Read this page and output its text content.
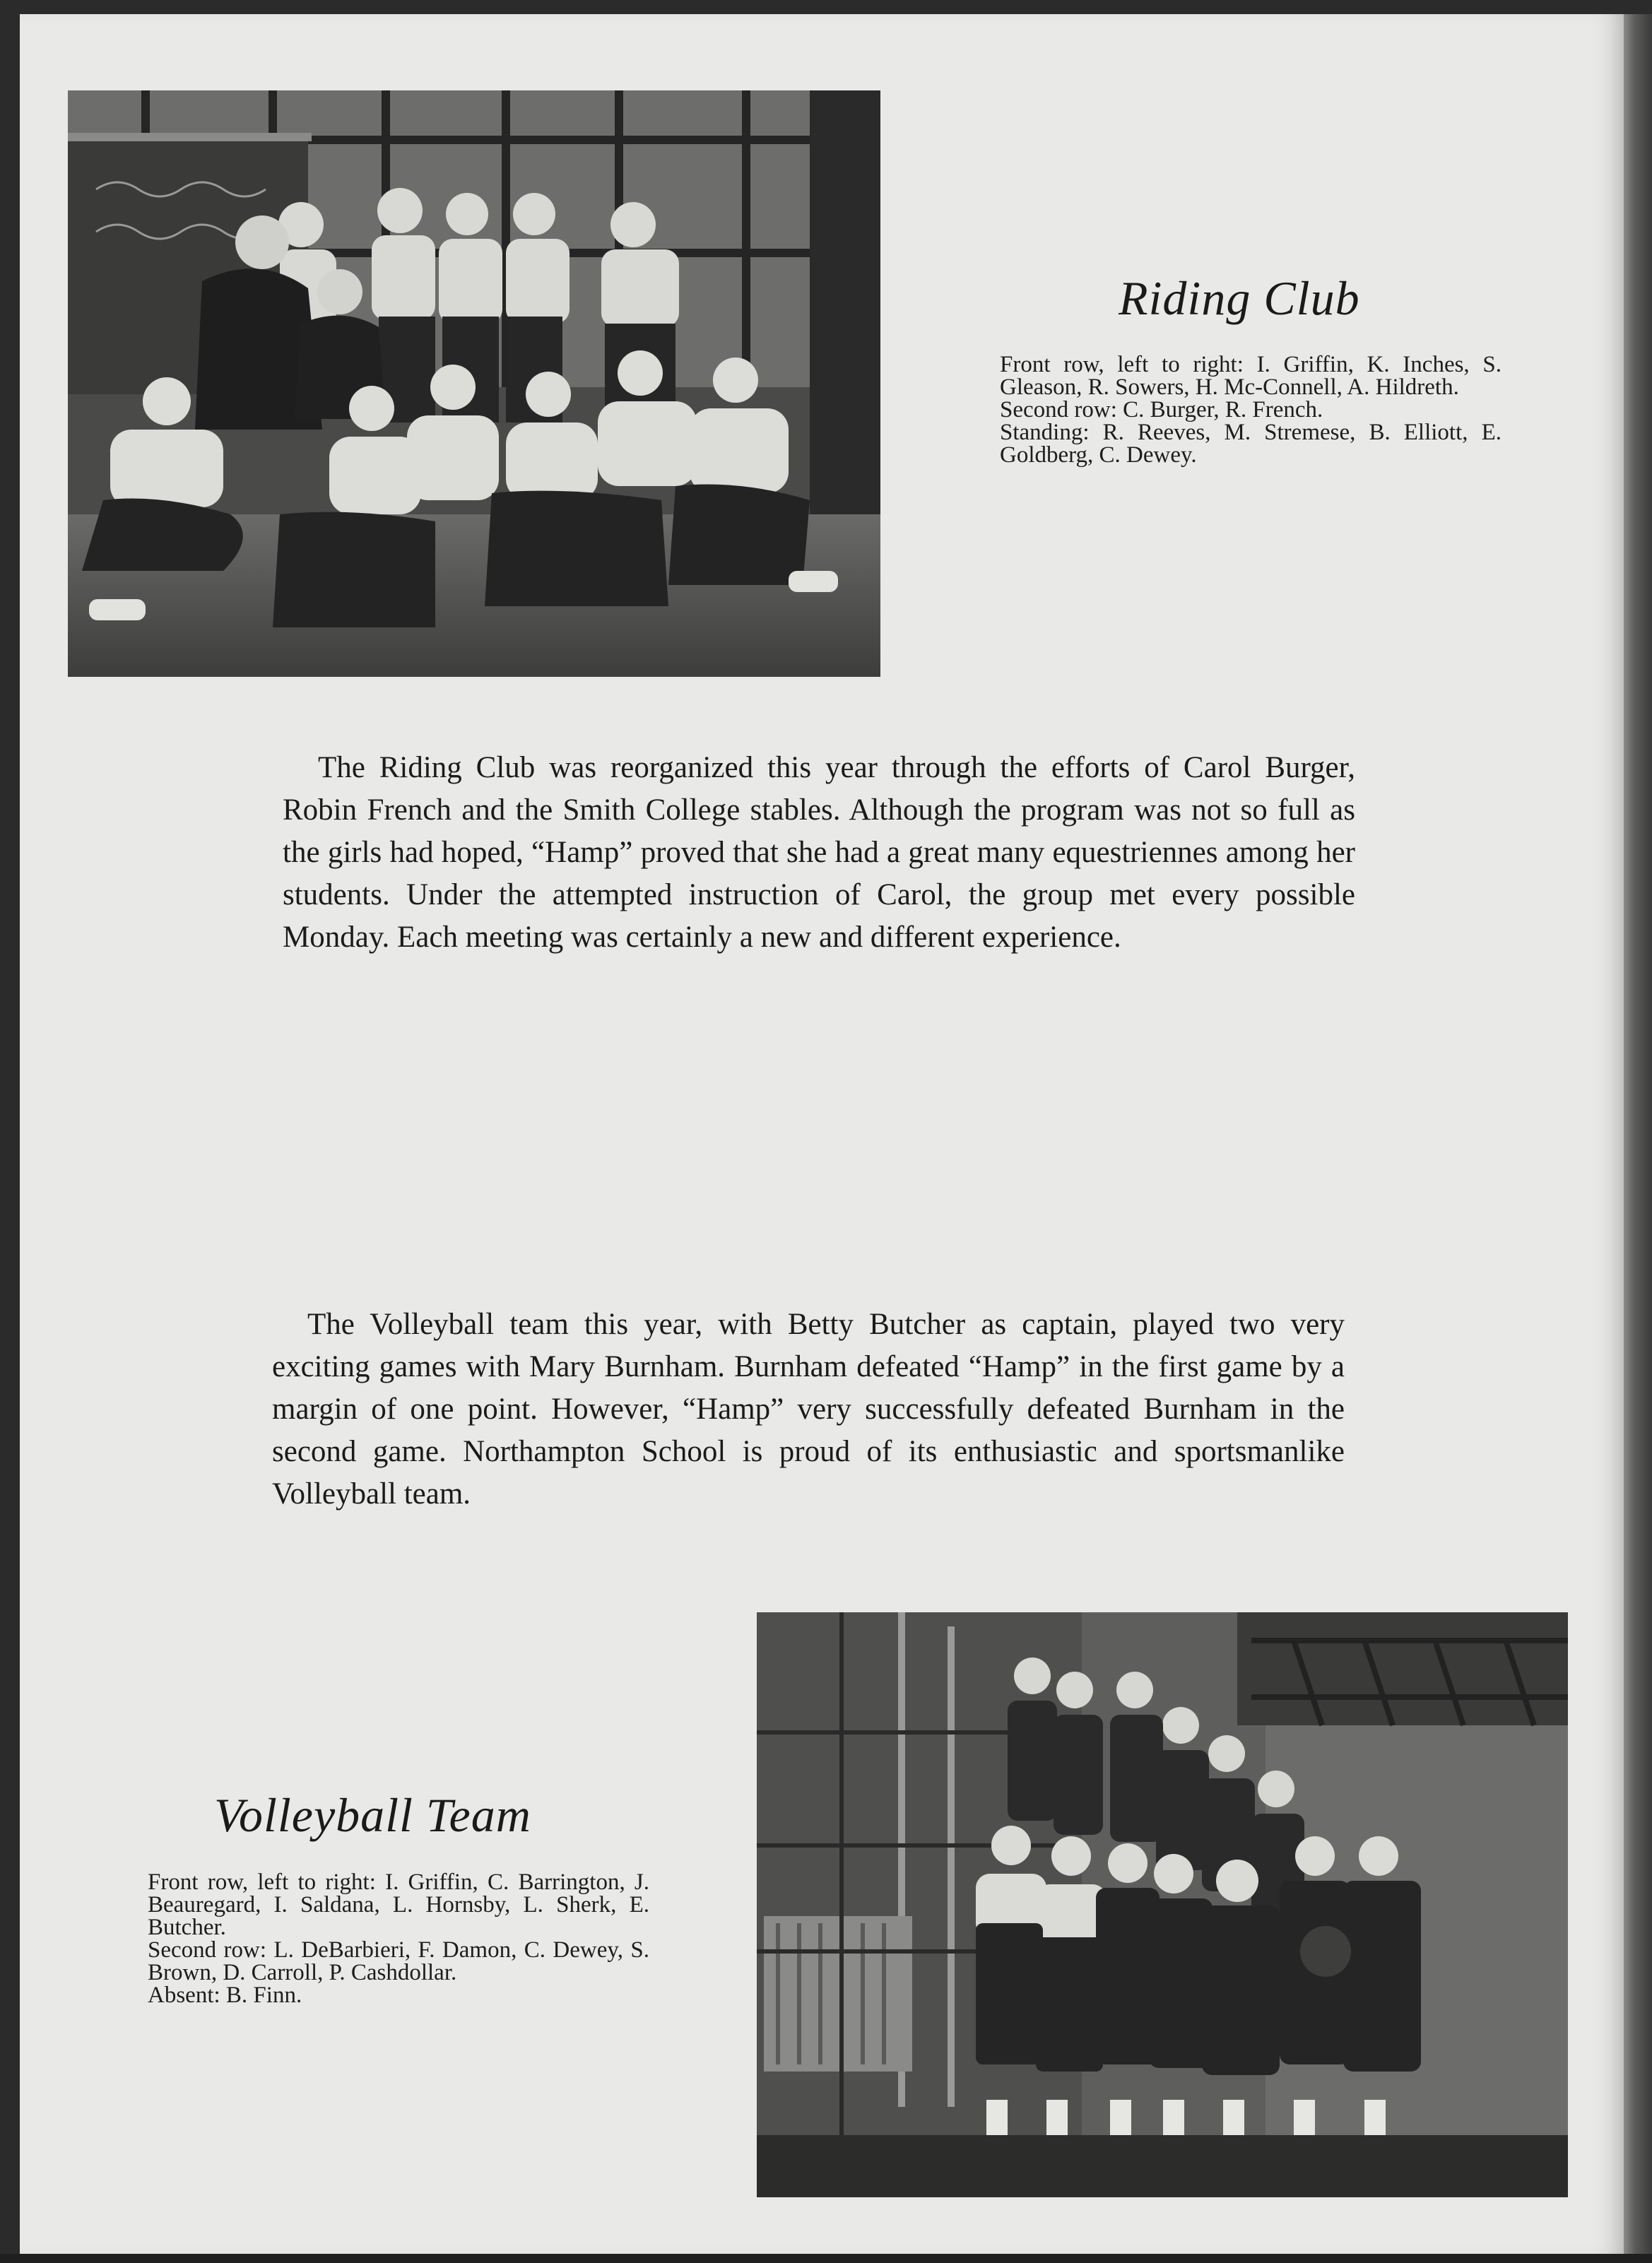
Riding Club

Front row, left to right: I. Griffin, K. Inches, S. Gleason, R. Sowers, H. Mc-Connell, A. Hildreth.

Second row: C. Burger, R. French.

Standing: R. Reeves, M. Stremese, B. Elliott, E. Goldberg, C. Dewey.

The Riding Club was reorganized this year through the efforts of Carol Burger, Robin French and the Smith College stables. Although the program was not so full as the girls had hoped, “Hamp” proved that she had a great many equestriennes among her students. Under the attempted instruction of Carol, the group met every possible Monday. Each meeting was certainly a new and different experience.
The Volleyball team this year, with Betty Butcher as captain, played two very exciting games with Mary Burnham. Burnham defeated “Hamp” in the first game by a margin of one point. However, “Hamp” very successfully defeated Burnham in the second game. Northampton School is proud of its enthusiastic and sportsmanlike Volleyball team.
Volleyball Team

Front row, left to right: I. Griffin, C. Barrington, J. Beauregard, I. Saldana, L. Hornsby, L. Sherk, E. Butcher.

Second row: L. DeBarbieri, F. Damon, C. Dewey, S. Brown, D. Carroll, P. Cashdollar.

Absent: B. Finn.
